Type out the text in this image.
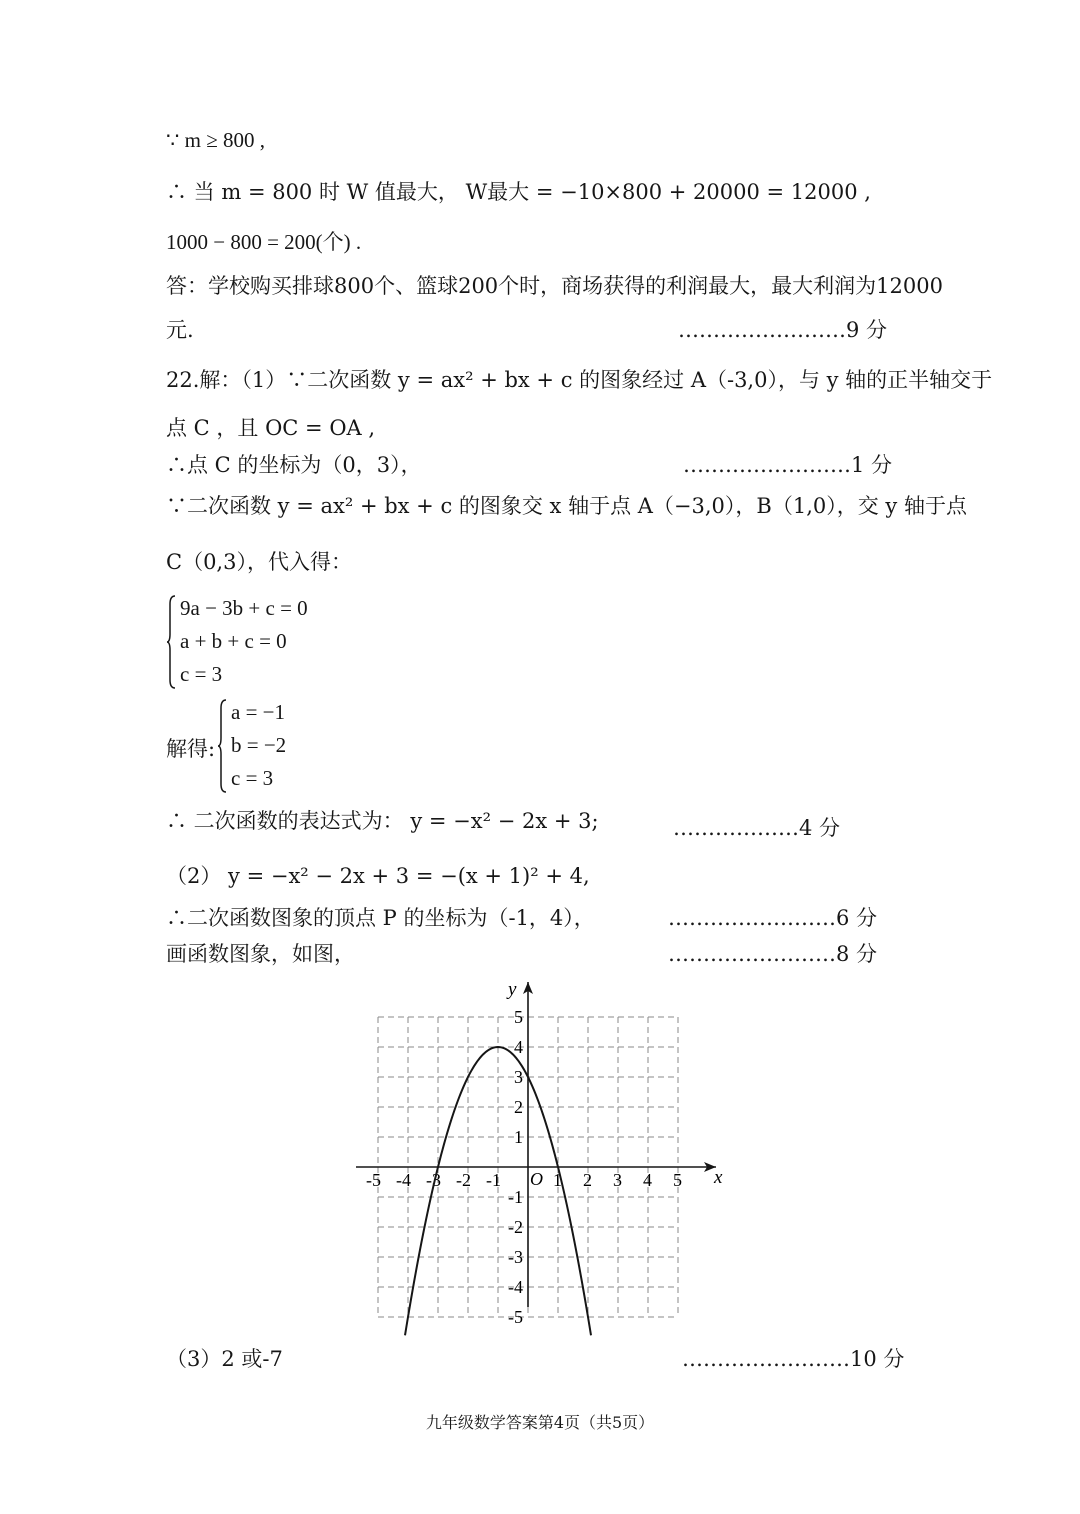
∵ m ≥ 800 ,
∴ 当 m = 800 时 W 值最大， W最大 = −10×800 + 20000 = 12000 ,
1000 − 800 = 200(个) .
答：学校购买排球800个、篮球200个时，商场获得的利润最大，最大利润为12000
元.	……………………9 分
22.解：（1）∵二次函数 y = ax² + bx + c 的图象经过 A（-3,0），与 y 轴的正半轴交于
点 C ，且 OC = OA ,
∴点 C 的坐标为（0，3），	……………………1 分
∵二次函数 y = ax² + bx + c 的图象交 x 轴于点 A（−3,0），B（1,0），交 y 轴于点
C（0,3），代入得：
9a − 3b + c = 0
a + b + c = 0
c = 3
解得:
a = −1
b = −2
c = 3
∴ 二次函数的表达式为： y = −x² − 2x + 3;	………………4 分
（2） y = −x² − 2x + 3 = −(x + 1)² + 4,
∴二次函数图象的顶点 P 的坐标为（-1，4），	……………………6 分
画函数图象，如图，	……………………8 分
x
y
O
-5 -4 -3 -2 -1	1 2 3 4 5
5
4
3
2
1
-1
-2
-3
-4
-5
（3）2 或-7	……………………10 分
九年级数学答案第4页（共5页）
